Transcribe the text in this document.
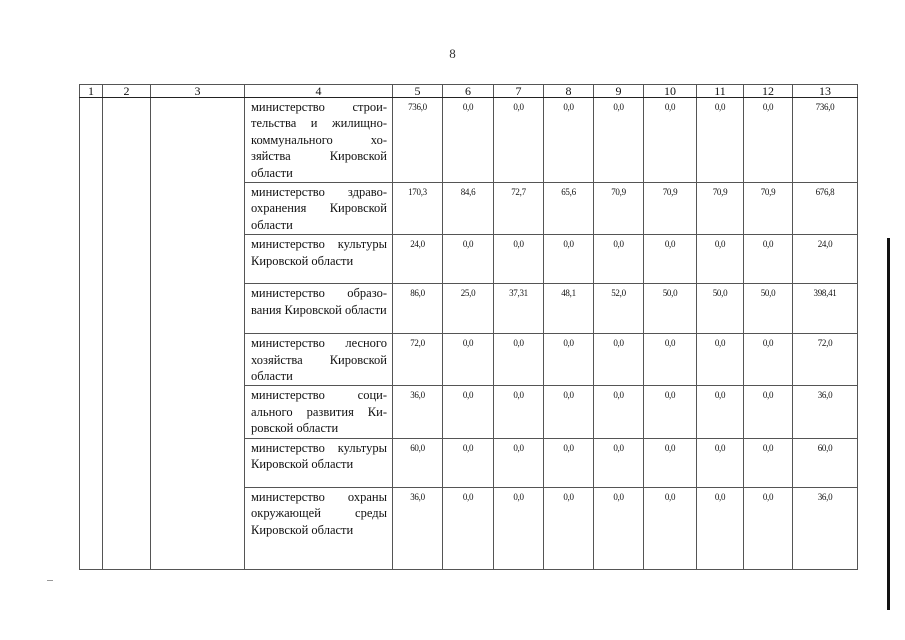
8
1	2	3	4	5	6	7	8	9	10	11	12	13
			министерство строительства и жилищно-коммунального хозяйства Кировской области	736,0	0,0	0,0	0,0	0,0	0,0	0,0	0,0	736,0
			министерство здравоохранения Кировской области	170,3	84,6	72,7	65,6	70,9	70,9	70,9	70,9	676,8
			министерство культуры Кировской области	24,0	0,0	0,0	0,0	0,0	0,0	0,0	0,0	24,0
			министерство образования Кировской области	86,0	25,0	37,31	48,1	52,0	50,0	50,0	50,0	398,41
			министерство лесного хозяйства Кировской области	72,0	0,0	0,0	0,0	0,0	0,0	0,0	0,0	72,0
			министерство социального развития Кировской области	36,0	0,0	0,0	0,0	0,0	0,0	0,0	0,0	36,0
			министерство культуры Кировской области	60,0	0,0	0,0	0,0	0,0	0,0	0,0	0,0	60,0
			министерство охраны окружающей среды Кировской области	36,0	0,0	0,0	0,0	0,0	0,0	0,0	0,0	36,0
